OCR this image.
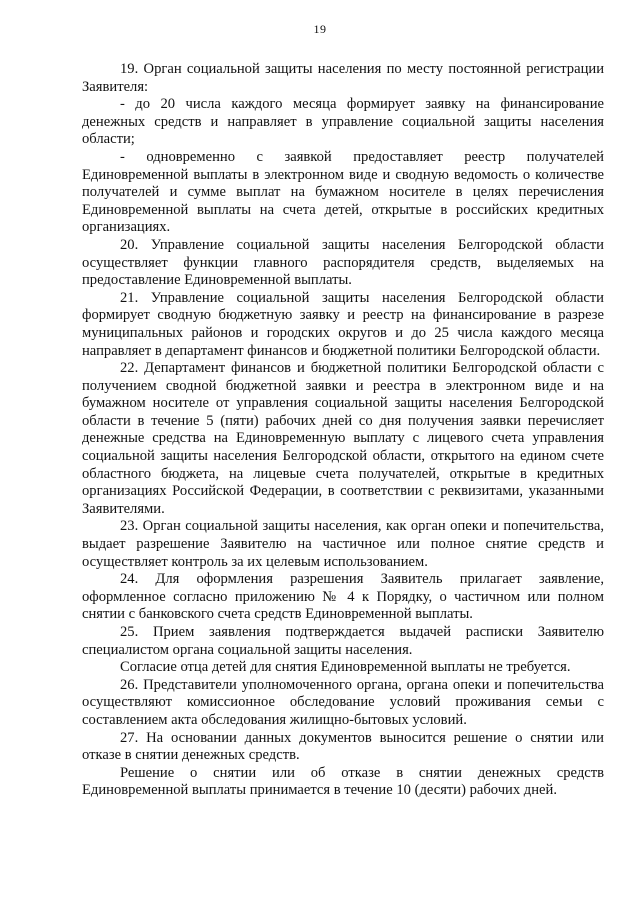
19

19. Орган социальной защиты населения по месту постоянной регистрации Заявителя:

- до 20 числа каждого месяца формирует заявку на финансирование денежных средств и направляет в управление социальной защиты населения области;

- одновременно с заявкой предоставляет реестр получателей Единовременной выплаты в электронном виде и сводную ведомость о количестве получателей и сумме выплат на бумажном носителе в целях перечисления Единовременной выплаты на счета детей, открытые в российских кредитных организациях.

20. Управление социальной защиты населения Белгородской области осуществляет функции главного распорядителя средств, выделяемых на предоставление Единовременной выплаты.

21. Управление социальной защиты населения Белгородской области формирует сводную бюджетную заявку и реестр на финансирование в разрезе муниципальных районов и городских округов и до 25 числа каждого месяца направляет в департамент финансов и бюджетной политики Белгородской области.

22. Департамент финансов и бюджетной политики Белгородской области с получением сводной бюджетной заявки и реестра в электронном виде и на бумажном носителе от управления социальной защиты населения Белгородской области в течение 5 (пяти) рабочих дней со дня получения заявки перечисляет денежные средства на Единовременную выплату с лицевого счета управления социальной защиты населения Белгородской области, открытого на едином счете областного бюджета, на лицевые счета получателей, открытые в кредитных организациях Российской Федерации, в соответствии с реквизитами, указанными Заявителями.

23. Орган социальной защиты населения, как орган опеки и попечительства, выдает разрешение Заявителю на частичное или полное снятие средств и осуществляет контроль за их целевым использованием.

24. Для оформления разрешения Заявитель прилагает заявление, оформленное согласно приложению № 4 к Порядку, о частичном или полном снятии с банковского счета средств Единовременной выплаты.

25. Прием заявления подтверждается выдачей расписки Заявителю специалистом органа социальной защиты населения.

Согласие отца детей для снятия Единовременной выплаты не требуется.

26. Представители уполномоченного органа, органа опеки и попечительства осуществляют комиссионное обследование условий проживания семьи с составлением акта обследования жилищно-бытовых условий.

27. На основании данных документов выносится решение о снятии или отказе в снятии денежных средств.

Решение о снятии или об отказе в снятии денежных средств Единовременной выплаты принимается в течение 10 (десяти) рабочих дней.
